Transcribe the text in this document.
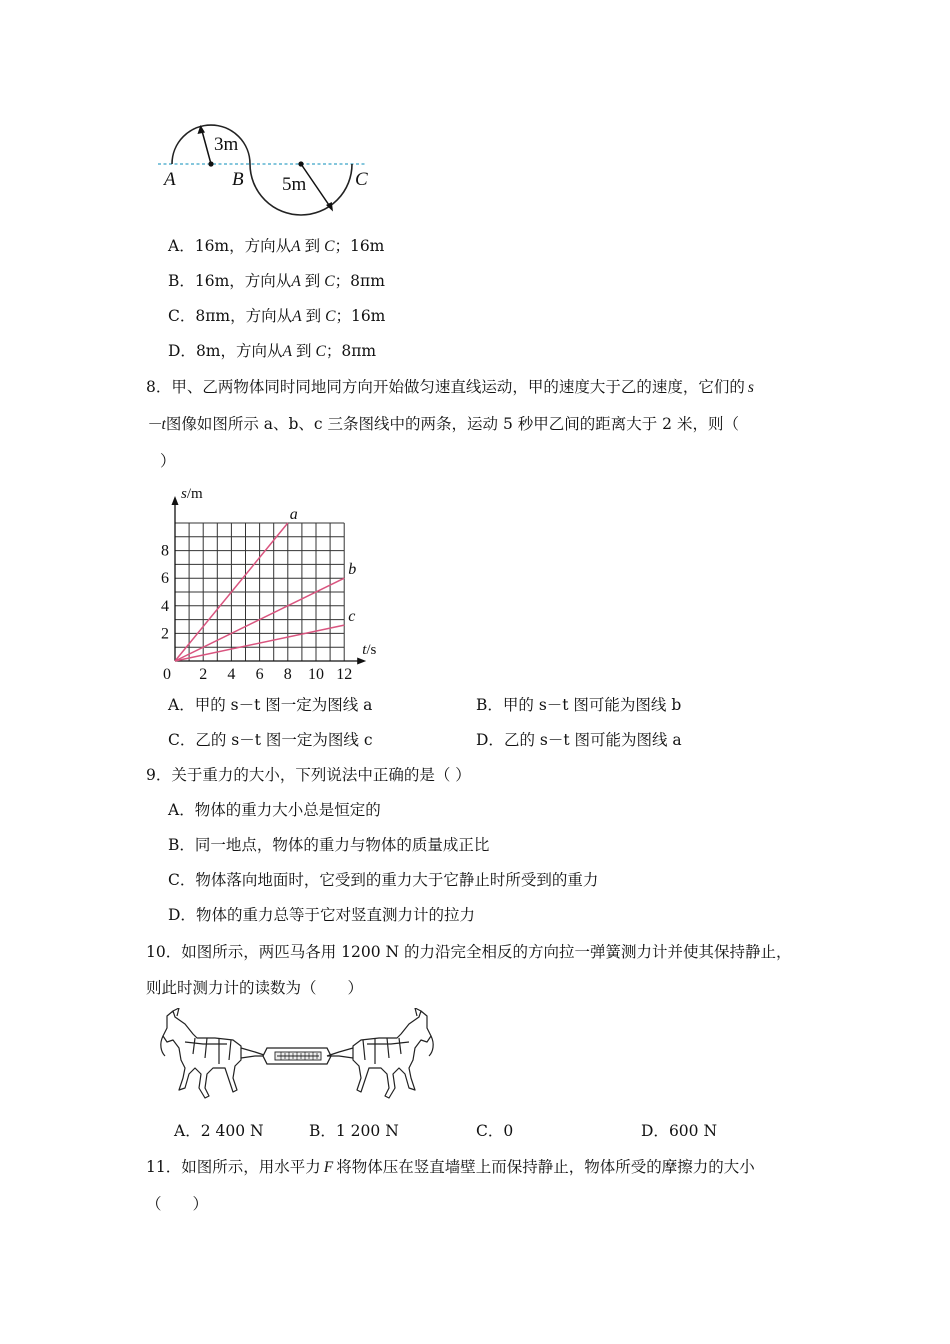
3m
5m
A	B	C
A．16m，方向从A 到 C；16m
B．16m，方向从A 到 C；8πm
C．8πm，方向从A 到 C；16m
D．8m，方向从A 到 C；8πm
8．甲、乙两物体同时同地同方向开始做匀速直线运动，甲的速度大于乙的速度，它们的 s
－t图像如图所示 a、b、c 三条图线中的两条，运动 5 秒甲乙间的距离大于 2 米，则（
）
0 2 4 6 8 10 12
2
4
6
8
s/m
t/s
a
b
c
A．甲的 s－t 图一定为图线 a	B．甲的 s－t 图可能为图线 b
C．乙的 s－t 图一定为图线 c	D．乙的 s－t 图可能为图线 a
9．关于重力的大小，下列说法中正确的是（ ）
A．物体的重力大小总是恒定的
B．同一地点，物体的重力与物体的质量成正比
C．物体落向地面时，它受到的重力大于它静止时所受到的重力
D．物体的重力总等于它对竖直测力计的拉力
10．如图所示，两匹马各用 1200 N 的力沿完全相反的方向拉一弹簧测力计并使其保持静止，
则此时测力计的读数为（　　）
A．2 400 N	B．1 200 N	C．0	D．600 N
11．如图所示，用水平力 F 将物体压在竖直墙壁上而保持静止，物体所受的摩擦力的大小
（　　）
